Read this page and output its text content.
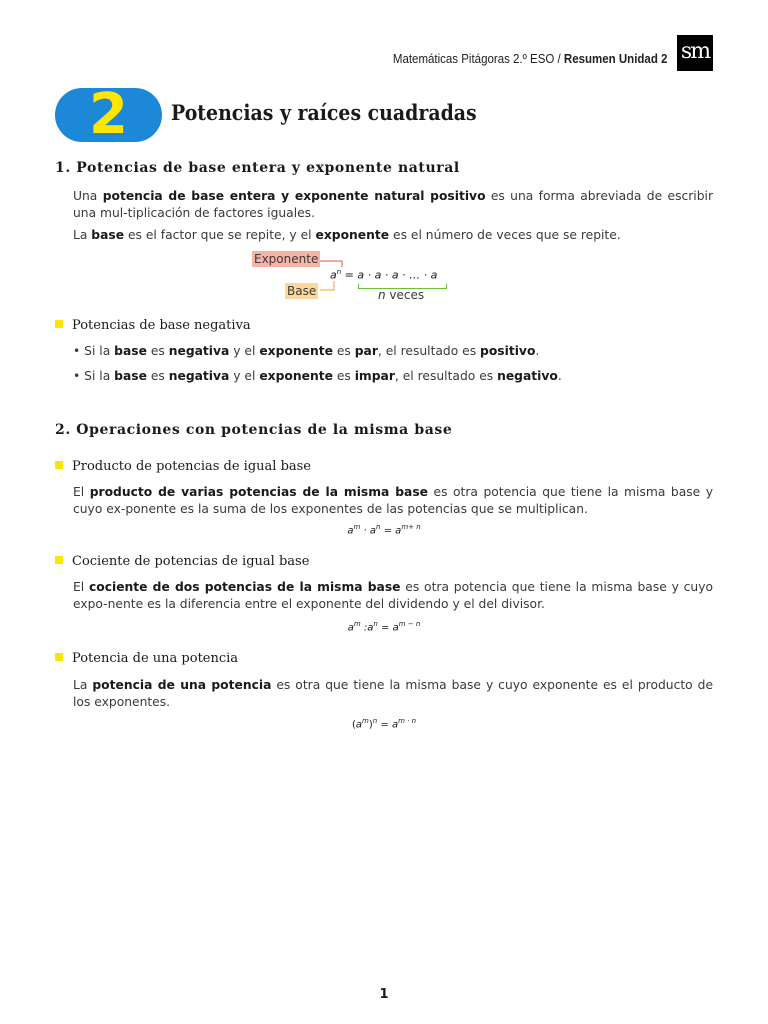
Matemáticas Pitágoras 2.º ESO / Resumen Unidad 2 sm
2	Potencias y raíces cuadradas
1. Potencias de base entera y exponente natural
Una potencia de base entera y exponente natural positivo es una forma abreviada de escribir una mul-tiplicación de factores iguales.
La base es el factor que se repite, y el exponente es el número de veces que se repite.
Exponente
Base
$a^n = a \cdot a \cdot a$ · … · a
n veces
Potencias de base negativa
• Si la base es negativa y el exponente es par, el resultado es positivo.
• Si la base es negativa y el exponente es impar, el resultado es negativo.
2. Operaciones con potencias de la misma base
Producto de potencias de igual base
El producto de varias potencias de la misma base es otra potencia que tiene la misma base y cuyo ex-ponente es la suma de los exponentes de las potencias que se multiplican.
$a^m \cdot a^n = a^{m+ n}$
Cociente de potencias de igual base
El cociente de dos potencias de la misma base es otra potencia que tiene la misma base y cuyo expo-nente es la diferencia entre el exponente del dividendo y el del divisor.
$a^m$ $:a^n = a^{m - n}$
Potencia de una potencia
La potencia de una potencia es otra que tiene la misma base y cuyo exponente es el producto de los exponentes.
$(a^m)^n = a^{m \cdot n}$
1
